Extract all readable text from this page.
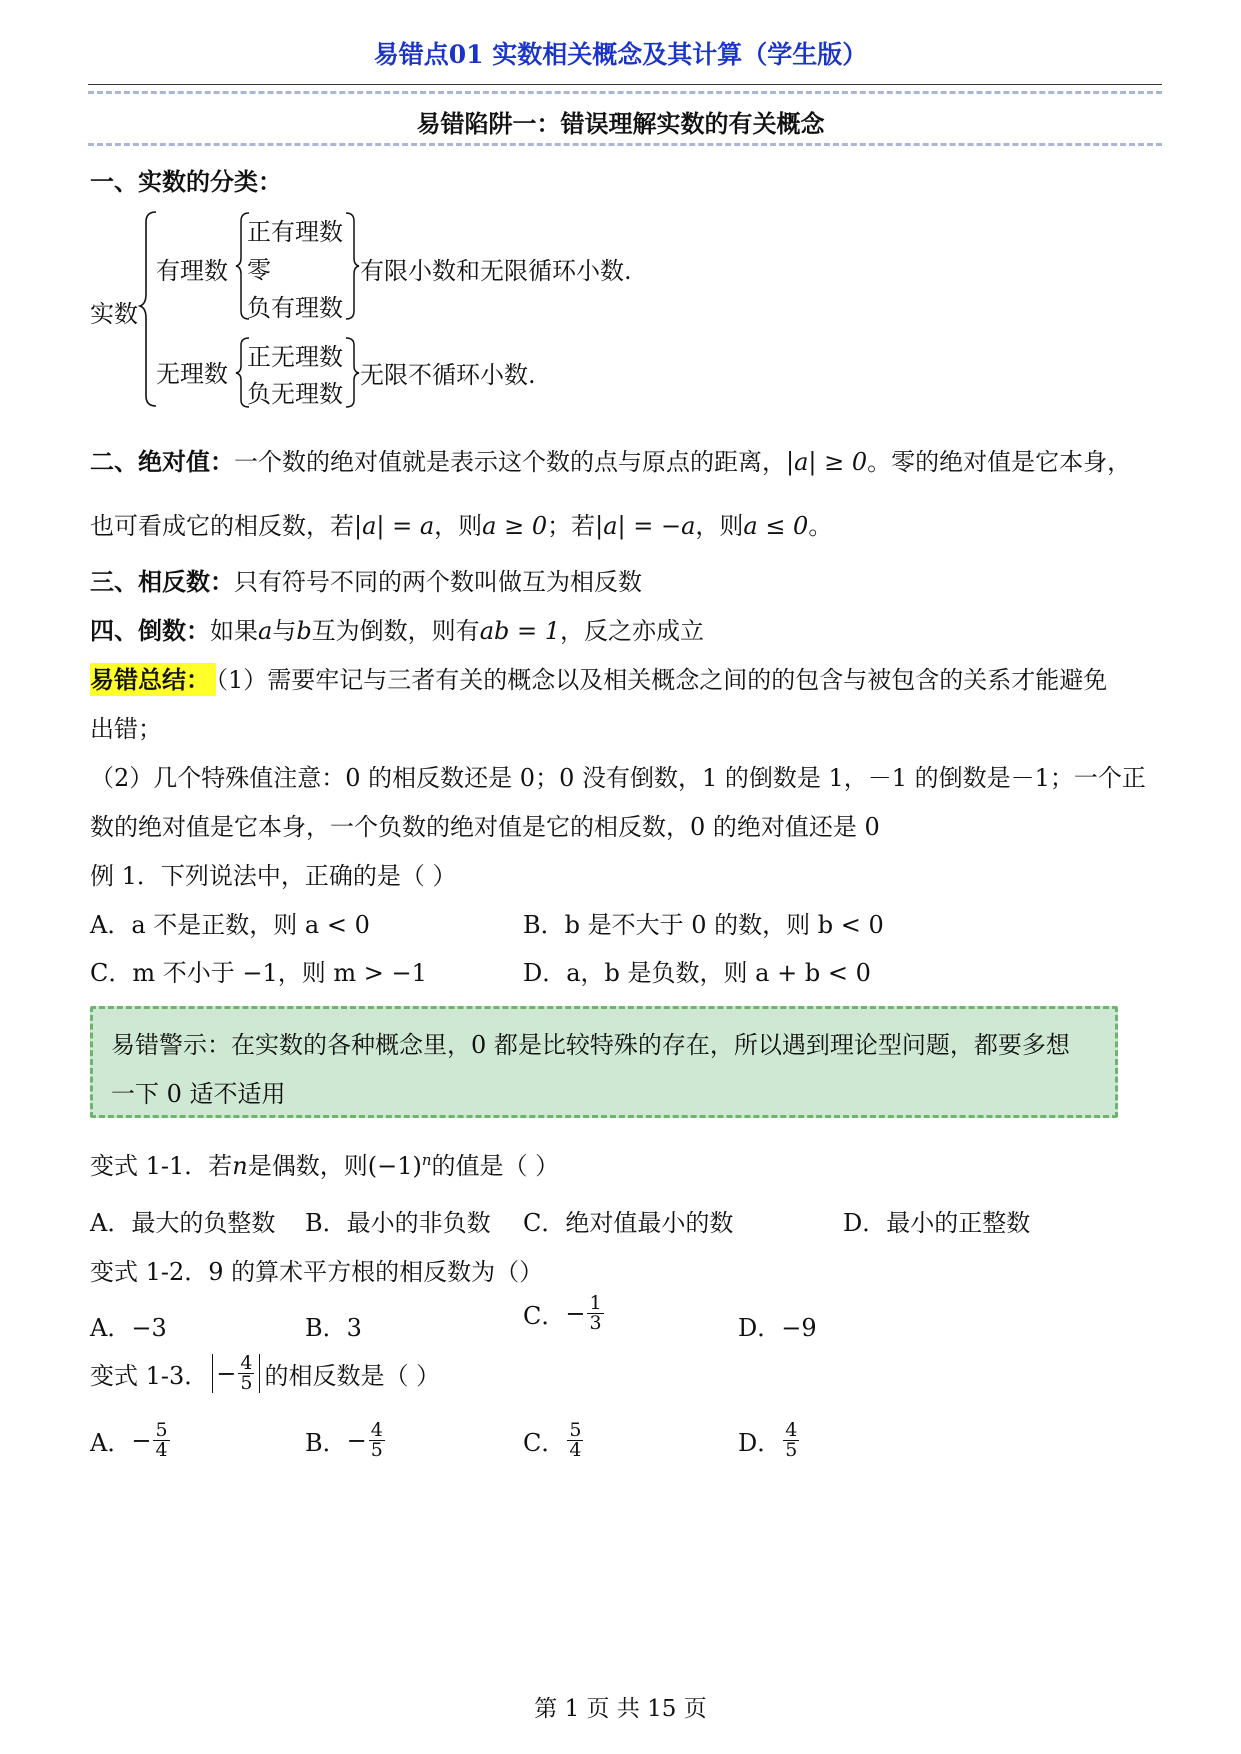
易错点01 实数相关概念及其计算（学生版）
易错陷阱一：错误理解实数的有关概念
一、实数的分类：
实数
有理数
正有理数
零
负有理数
有限小数和无限循环小数.
无理数
正无理数
负无理数
无限不循环小数.
二、绝对值：一个数的绝对值就是表示这个数的点与原点的距离，|a| ≥ 0。零的绝对值是它本身，
也可看成它的相反数，若|a| = a，则a ≥ 0；若|a| = −a，则a ≤ 0。
三、相反数：只有符号不同的两个数叫做互为相反数
四、倒数：如果a与b互为倒数，则有ab = 1，反之亦成立
易错总结： （1）需要牢记与三者有关的概念以及相关概念之间的的包含与被包含的关系才能避免
出错；
（2）几个特殊值注意：0 的相反数还是 0；0 没有倒数，1 的倒数是 1，－1 的倒数是－1；一个正
数的绝对值是它本身，一个负数的绝对值是它的相反数，0 的绝对值还是 0
例 1．下列说法中，正确的是（ ）
A．a 不是正数，则 a < 0	B．b 是不大于 0 的数，则 b < 0
C．m 不小于 −1，则 m > −1	D．a，b 是负数，则 a + b < 0
易错警示：在实数的各种概念里，0 都是比较特殊的存在，所以遇到理论型问题，都要多想
一下 0 适不适用
变式 1-1．若n是偶数，则$(-1)^n$的值是（ ）
A．最大的负整数 B．最小的非负数 C．绝对值最小的数	D．最小的正整数
变式 1-2．9 的算术平方根的相反数为（）
A．−3	B．3	C．− $\frac{1}{3}$	D．−9
变式 1-3． − $\frac{4}{5}$ 的相反数是（ ）
A．− $\frac{5}{4}$	B．− $\frac{4}{5}$	C． $\frac{5}{4}$	D． $\frac{4}{5}$
第 1 页 共 15 页
